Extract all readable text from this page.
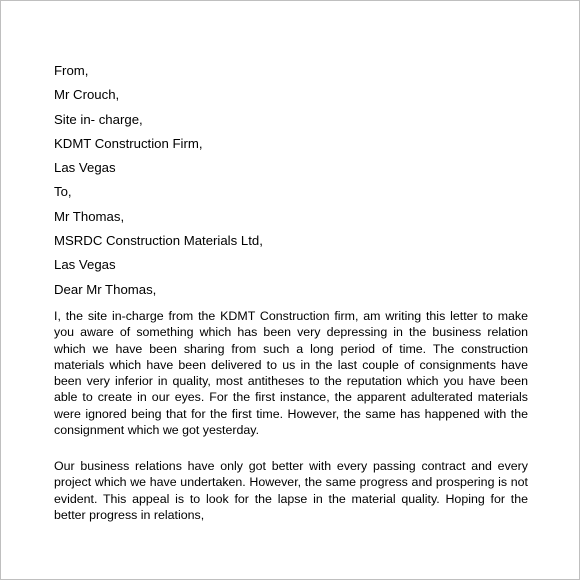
From,
Mr Crouch,
Site in- charge,
KDMT Construction Firm,
Las Vegas
To,
Mr Thomas,
MSRDC Construction Materials Ltd,
Las Vegas
Dear Mr Thomas,

I, the site in-charge from the KDMT Construction firm, am writing this letter to make you aware of something which has been very depressing in the business relation which we have been sharing from such a long period of time. The construction materials which have been delivered to us in the last couple of consignments have been very inferior in quality, most antitheses to the reputation which you have been able to create in our eyes. For the first instance, the apparent adulterated materials were ignored being that for the first time. However, the same has happened with the consignment which we got yesterday.

Our business relations have only got better with every passing contract and every project which we have undertaken. However, the same progress and prospering is not evident. This appeal is to look for the lapse in the material quality. Hoping for the better progress in relations,
